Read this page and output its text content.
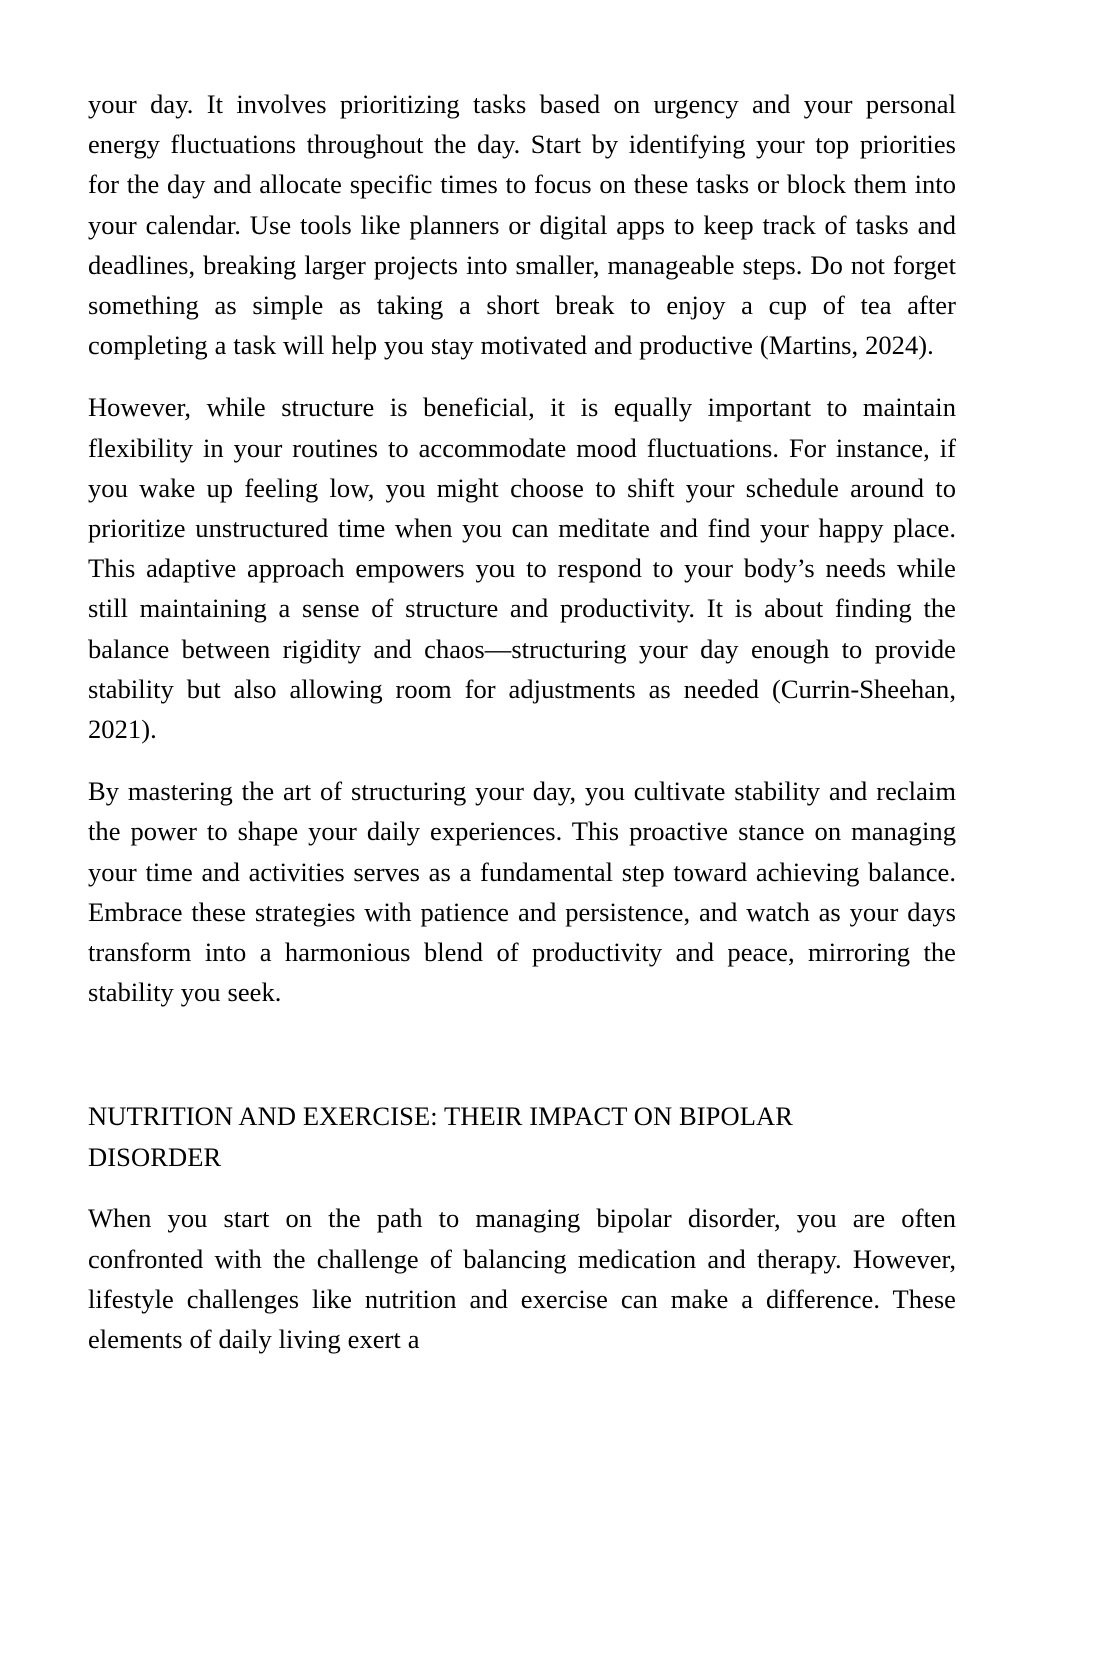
your day. It involves prioritizing tasks based on urgency and your personal energy fluctuations throughout the day. Start by identifying your top priorities for the day and allocate specific times to focus on these tasks or block them into your calendar. Use tools like planners or digital apps to keep track of tasks and deadlines, breaking larger projects into smaller, manageable steps. Do not forget something as simple as taking a short break to enjoy a cup of tea after completing a task will help you stay motivated and productive (Martins, 2024).

However, while structure is beneficial, it is equally important to maintain flexibility in your routines to accommodate mood fluctuations. For instance, if you wake up feeling low, you might choose to shift your schedule around to prioritize unstructured time when you can meditate and find your happy place. This adaptive approach empowers you to respond to your body’s needs while still maintaining a sense of structure and productivity. It is about finding the balance between rigidity and chaos—structuring your day enough to provide stability but also allowing room for adjustments as needed (Currin-Sheehan, 2021).

By mastering the art of structuring your day, you cultivate stability and reclaim the power to shape your daily experiences. This proactive stance on managing your time and activities serves as a fundamental step toward achieving balance. Embrace these strategies with patience and persistence, and watch as your days transform into a harmonious blend of productivity and peace, mirroring the stability you seek.

NUTRITION AND EXERCISE: THEIR IMPACT ON BIPOLAR DISORDER

When you start on the path to managing bipolar disorder, you are often confronted with the challenge of balancing medication and therapy. However, lifestyle challenges like nutrition and exercise can make a difference. These elements of daily living exert a
